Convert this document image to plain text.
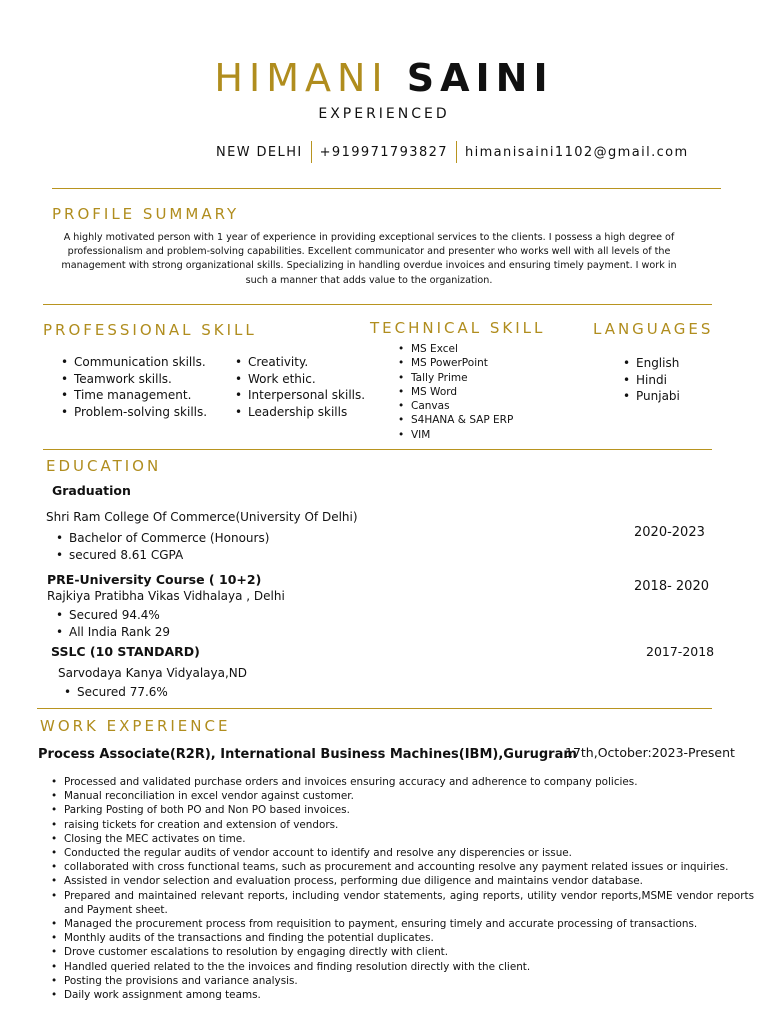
HIMANI SAINI
EXPERIENCED
NEW DELHI +919971793827 himanisaini1102@gmail.com
PROFILE SUMMARY
A highly motivated person with 1 year of experience in providing exceptional services to the clients. I possess a high degree of professionalism and problem-solving capabilities. Excellent communicator and presenter who works well with all levels of the management with strong organizational skills. Specializing in handling overdue invoices and ensuring timely payment. I work in such a manner that adds value to the organization.
PROFESSIONAL SKILL
• Communication skills.
• Teamwork skills.
• Time management.
• Problem-solving skills.
• Creativity.
• Work ethic.
• Interpersonal skills.
• Leadership skills
TECHNICAL SKILL
• MS Excel
• MS PowerPoint
• Tally Prime
• MS Word
• Canvas
• S4HANA & SAP ERP
• VIM
LANGUAGES
• English
• Hindi
• Punjabi
EDUCATION
Graduation
Shri Ram College Of Commerce(University Of Delhi)
• Bachelor of Commerce (Honours)
• secured 8.61 CGPA
2020-2023
PRE-University Course ( 10+2)
Rajkiya Pratibha Vikas Vidhalaya , Delhi
• Secured 94.4%
• All India Rank 29
2018- 2020
SSLC (10 STANDARD)
Sarvodaya Kanya Vidyalaya,ND
• Secured 77.6%
2017-2018
WORK EXPERIENCE
Process Associate(R2R), International Business Machines(IBM),Gurugram
17th,October:2023-Present
• Processed and validated purchase orders and invoices ensuring accuracy and adherence to company policies.
• Manual reconciliation in excel vendor against customer.
• Parking Posting of both PO and Non PO based invoices.
• raising tickets for creation and extension of vendors.
• Closing the MEC activates on time.
• Conducted the regular audits of vendor account to identify and resolve any disperencies or issue.
• collaborated with cross functional teams, such as procurement and accounting resolve any payment related issues or inquiries.
• Assisted in vendor selection and evaluation process, performing due diligence and maintains vendor database.
• Prepared and maintained relevant reports, including vendor statements, aging reports, utility vendor reports,MSME vendor reports and Payment sheet.
• Managed the procurement process from requisition to payment, ensuring timely and accurate processing of transactions.
• Monthly audits of the transactions and finding the potential duplicates.
• Drove customer escalations to resolution by engaging directly with client.
• Handled queried related to the the invoices and finding resolution directly with the client.
• Posting the provisions and variance analysis.
• Daily work assignment among teams.
